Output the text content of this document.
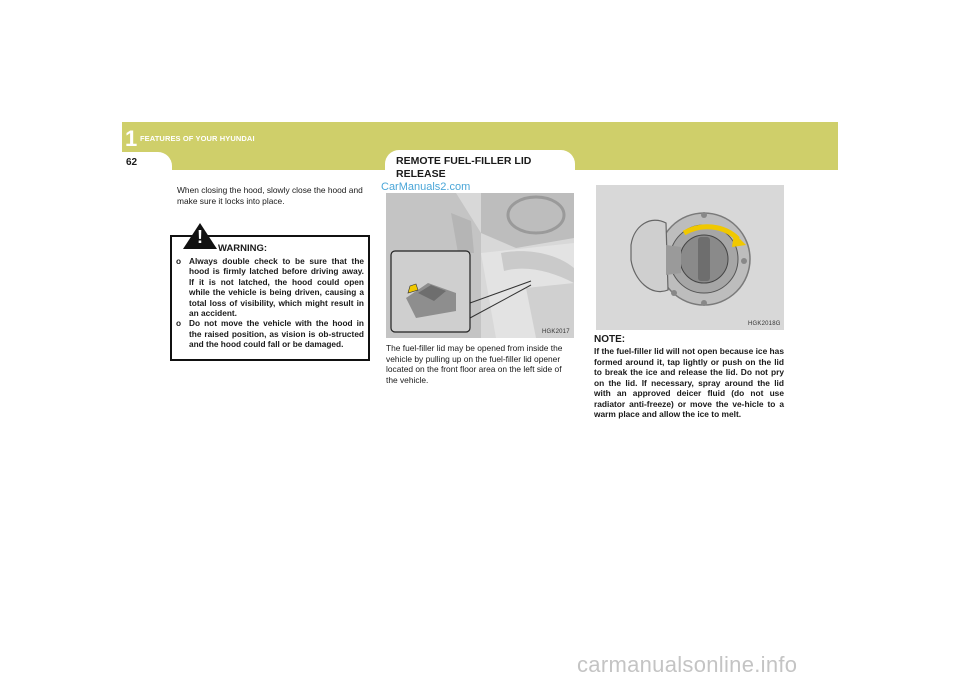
1 FEATURES OF YOUR HYUNDAI
62	REMOTE FUEL-FILLER LID RELEASE
When closing the hood, slowly close the hood and make sure it locks into place.
!
WARNING:
o Always double check to be sure that the hood is firmly latched before driving away. If it is not latched, the hood could open while the vehicle is being driven, causing a total loss of visibility, which might result in an accident.
o Do not move the vehicle with the hood in the raised position, as vision is ob-structed and the hood could fall or be damaged.
HGK2017
CarManuals2.com
The fuel-filler lid may be opened from inside the vehicle by pulling up on the fuel-filler lid opener located on the front floor area on the left side of the vehicle.
HGK2018G
NOTE:
If the fuel-filler lid will not open because ice has formed around it, tap lightly or push on the lid to break the ice and release the lid. Do not pry on the lid. If necessary, spray around the lid with an approved deicer fluid (do not use radiator anti-freeze) or move the ve-hicle to a warm place and allow the ice to melt.
carmanualsonline.info
